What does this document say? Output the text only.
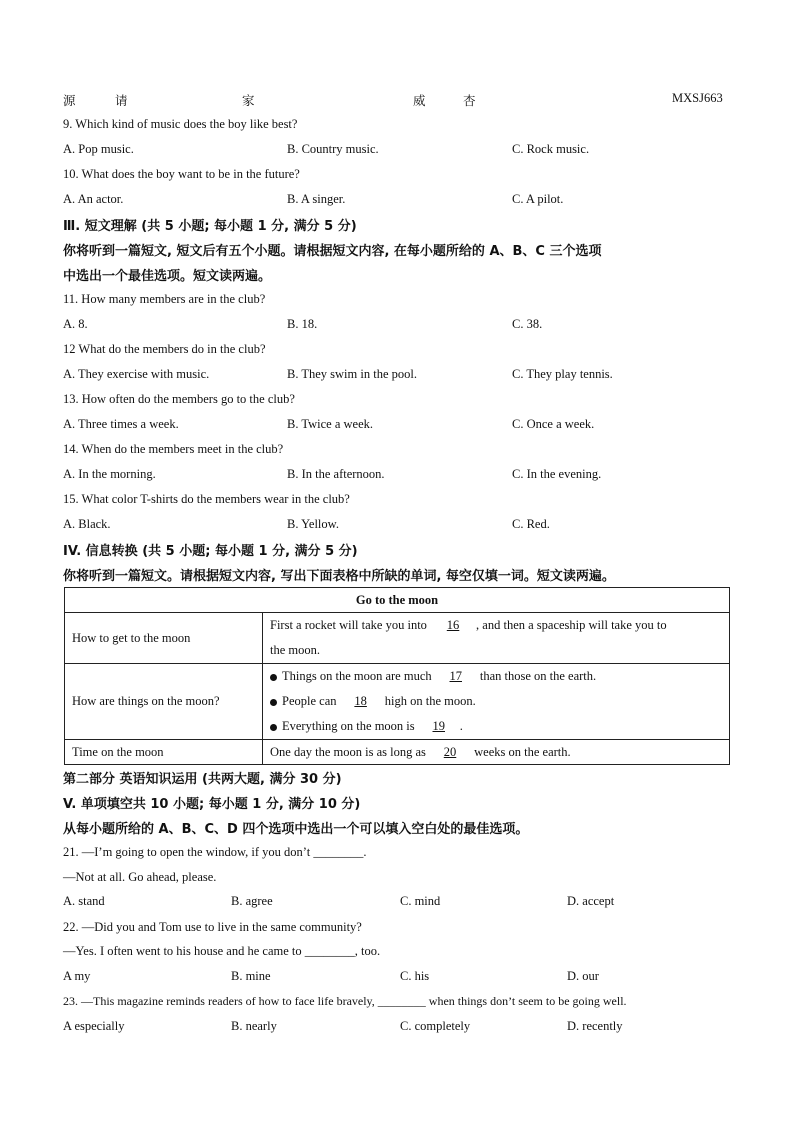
源	请	家	威	杏	MXSJ663
9. Which kind of music does the boy like best?
A. Pop music.	B. Country music.	C. Rock music.
10. What does the boy want to be in the future?
A. An actor.	B. A singer.	C. A pilot.
Ⅲ. 短文理解 (共 5 小题; 每小题 1 分, 满分 5 分)
你将听到一篇短文, 短文后有五个小题。请根据短文内容, 在每小题所给的 A、B、C 三个选项
中选出一个最佳选项。短文读两遍。
11. How many members are in the club?
A. 8.	B. 18.	C. 38.
12 What do the members do in the club?
A. They exercise with music.	B. They swim in the pool.	C. They play tennis.
13. How often do the members go to the club?
A. Three times a week.	B. Twice a week.	C. Once a week.
14. When do the members meet in the club?
A. In the morning.	B. In the afternoon.	C. In the evening.
15. What color T-shirts do the members wear in the club?
A. Black.	B. Yellow.	C. Red.
IV. 信息转换 (共 5 小题; 每小题 1 分, 满分 5 分)
你将听到一篇短文。请根据短文内容, 写出下面表格中所缺的单词, 每空仅填一词。短文读两遍。
Go to the moon	
How to get to the moon	First a rocket will take you into 16 , and then a spaceship will take you to
the moon.

How are things on the moon?	Things on the moon are much 17 than those on the earth.
People can 18 high on the moon.
Everything on the moon is 19 .

Time on the moon	One day the moon is as long as 20 weeks on the earth.
第二部分 英语知识运用 (共两大题, 满分 30 分)
V. 单项填空共 10 小题; 每小题 1 分, 满分 10 分)
从每小题所给的 A、B、C、D 四个选项中选出一个可以填入空白处的最佳选项。
21. —I’m going to open the window, if you don’t ________.
—Not at all. Go ahead, please.
A. stand	B. agree	C. mind	D. accept
22. —Did you and Tom use to live in the same community?
—Yes. I often went to his house and he came to ________, too.
A my	B. mine	C. his	D. our
23. —This magazine reminds readers of how to face life bravely, ________ when things don’t seem to be going well.
A especially	B. nearly	C. completely	D. recently
